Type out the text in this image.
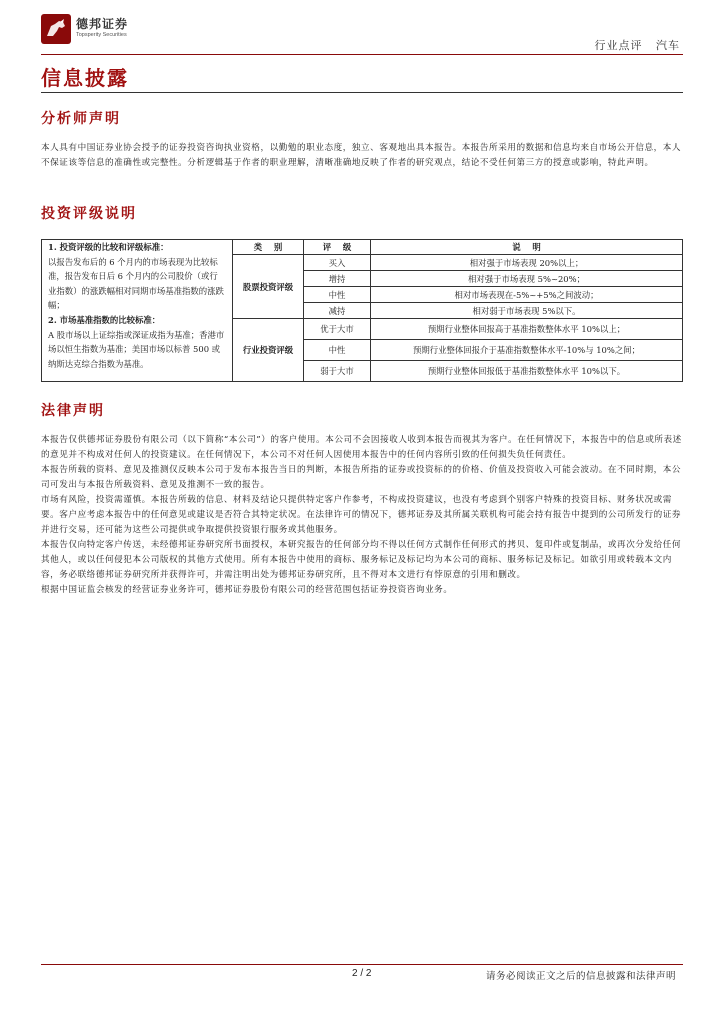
德邦证券
Topsperity Securities
行业点评   汽车
信息披露
分析师声明
本人具有中国证券业协会授予的证券投资咨询执业资格，以勤勉的职业态度，独立、客观地出具本报告。本报告所采用的数据和信息均来自市场公开信息，本人不保证该等信息的准确性或完整性。分析逻辑基于作者的职业理解，清晰准确地反映了作者的研究观点，结论不受任何第三方的授意或影响，特此声明。
投资评级说明
1. 投资评级的比较和评级标准：
以报告发布后的 6 个月内的市场表现为比较标准，报告发布日后 6 个月内的公司股价（或行业指数）的涨跌幅相对同期市场基准指数的涨跌幅；
2. 市场基准指数的比较标准：
A 股市场以上证综指或深证成指为基准；香港市场以恒生指数为基准；美国市场以标普 500 或纳斯达克综合指数为基准。	类    别	评    级	说    明
	股票投资评级	买入	相对强于市场表现 20%以上；
		增持	相对强于市场表现 5%~20%；
		中性	相对市场表现在-5%~+5%之间波动；
		减持	相对弱于市场表现 5%以下。
	行业投资评级	优于大市	预期行业整体回报高于基准指数整体水平 10%以上；
		中性	预期行业整体回报介于基准指数整体水平-10%与 10%之间；
		弱于大市	预期行业整体回报低于基准指数整体水平 10%以下。
法律声明
本报告仅供德邦证券股份有限公司（以下简称“本公司”）的客户使用。本公司不会因接收人收到本报告而视其为客户。在任何情况下，本报告中的信息或所表述的意见并不构成对任何人的投资建议。在任何情况下，本公司不对任何人因使用本报告中的任何内容所引致的任何损失负任何责任。
本报告所载的资料、意见及推测仅反映本公司于发布本报告当日的判断，本报告所指的证券或投资标的的价格、价值及投资收入可能会波动。在不同时期，本公司可发出与本报告所载资料、意见及推测不一致的报告。
市场有风险，投资需谨慎。本报告所载的信息、材料及结论只提供特定客户作参考，不构成投资建议，也没有考虑到个别客户特殊的投资目标、财务状况或需要。客户应考虑本报告中的任何意见或建议是否符合其特定状况。在法律许可的情况下，德邦证券及其所属关联机构可能会持有报告中提到的公司所发行的证券并进行交易，还可能为这些公司提供或争取提供投资银行服务或其他服务。
本报告仅向特定客户传送，未经德邦证券研究所书面授权，本研究报告的任何部分均不得以任何方式制作任何形式的拷贝、复印件或复制品，或再次分发给任何其他人，或以任何侵犯本公司版权的其他方式使用。所有本报告中使用的商标、服务标记及标记均为本公司的商标、服务标记及标记。如欲引用或转载本文内容，务必联络德邦证券研究所并获得许可，并需注明出处为德邦证券研究所，且不得对本文进行有悖原意的引用和删改。
根据中国证监会核发的经营证券业务许可，德邦证券股份有限公司的经营范围包括证券投资咨询业务。
2 / 2	请务必阅读正文之后的信息披露和法律声明
